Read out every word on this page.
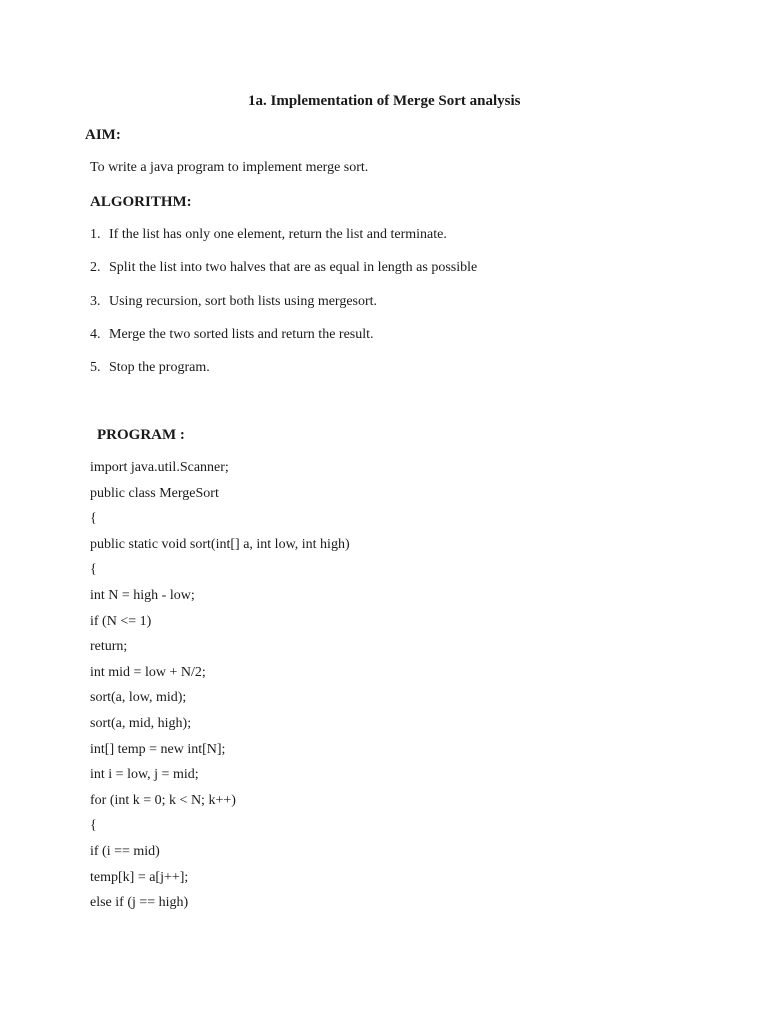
1a. Implementation of Merge Sort analysis
AIM:
To write a java program to implement merge sort.
ALGORITHM:
1. If the list has only one element, return the list and terminate.
2. Split the list into two halves that are as equal in length as possible
3. Using recursion, sort both lists using mergesort.
4. Merge the two sorted lists and return the result.
5. Stop the program.
PROGRAM :
import java.util.Scanner;
public class MergeSort
{
public static void sort(int[] a, int low, int high)
{
int N = high - low;
if (N <= 1)
return;
int mid = low + N/2;
sort(a, low, mid);
sort(a, mid, high);
int[] temp = new int[N];
int i = low, j = mid;
for (int k = 0; k < N; k++)
{
if (i == mid)
temp[k] = a[j++];
else if (j == high)
